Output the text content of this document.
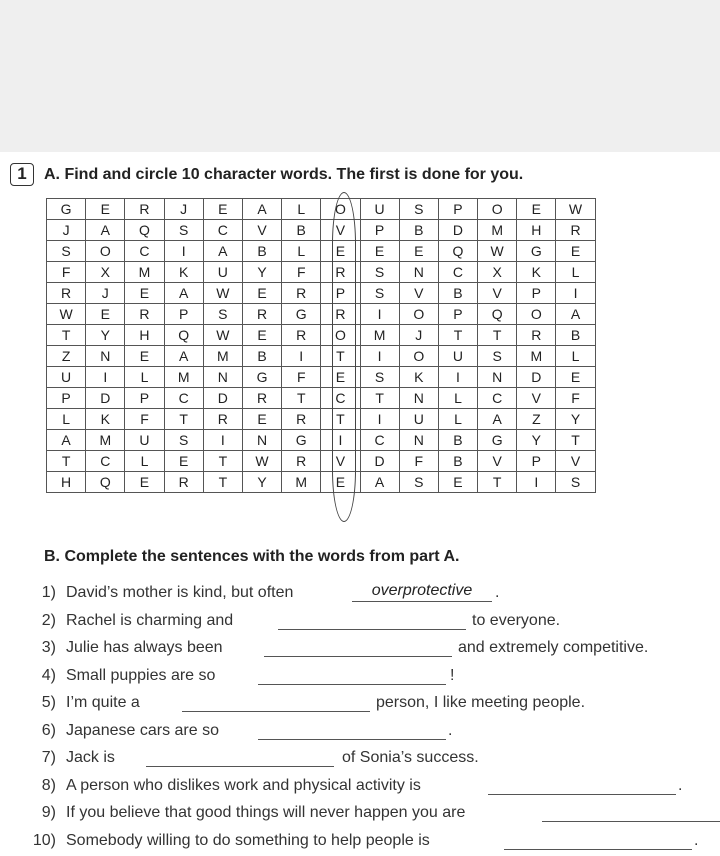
1	A. Find and circle 10 character words. The first is done for you.
G	E	R	J	E	A	L	O	U	S	P	O	E	W
J	A	Q	S	C	V	B	V	P	B	D	M	H	R
S	O	C	I	A	B	L	E	E	E	Q	W	G	E
F	X	M	K	U	Y	F	R	S	N	C	X	K	L
R	J	E	A	W	E	R	P	S	V	B	V	P	I
W	E	R	P	S	R	G	R	I	O	P	Q	O	A
T	Y	H	Q	W	E	R	O	M	J	T	T	R	B
Z	N	E	A	M	B	I	T	I	O	U	S	M	L
U	I	L	M	N	G	F	E	S	K	I	N	D	E
P	D	P	C	D	R	T	C	T	N	L	C	V	F
L	K	F	T	R	E	R	T	I	U	L	A	Z	Y
A	M	U	S	I	N	G	I	C	N	B	G	Y	T
T	C	L	E	T	W	R	V	D	F	B	V	P	V
H	Q	E	R	T	Y	M	E	A	S	E	T	I	S
B. Complete the sentences with the words from part A.
1) David’s mother is kind, but often	overprotective	.
2) Rachel is charming and	to everyone.
3) Julie has always been	and extremely competitive.
4) Small puppies are so	!
5) I’m quite a	person, I like meeting people.
6) Japanese cars are so	.
7) Jack is	of Sonia’s success.
8) A person who dislikes work and physical activity is	.
9) If you believe that good things will never happen you are
10) Somebody willing to do something to help people is	.
